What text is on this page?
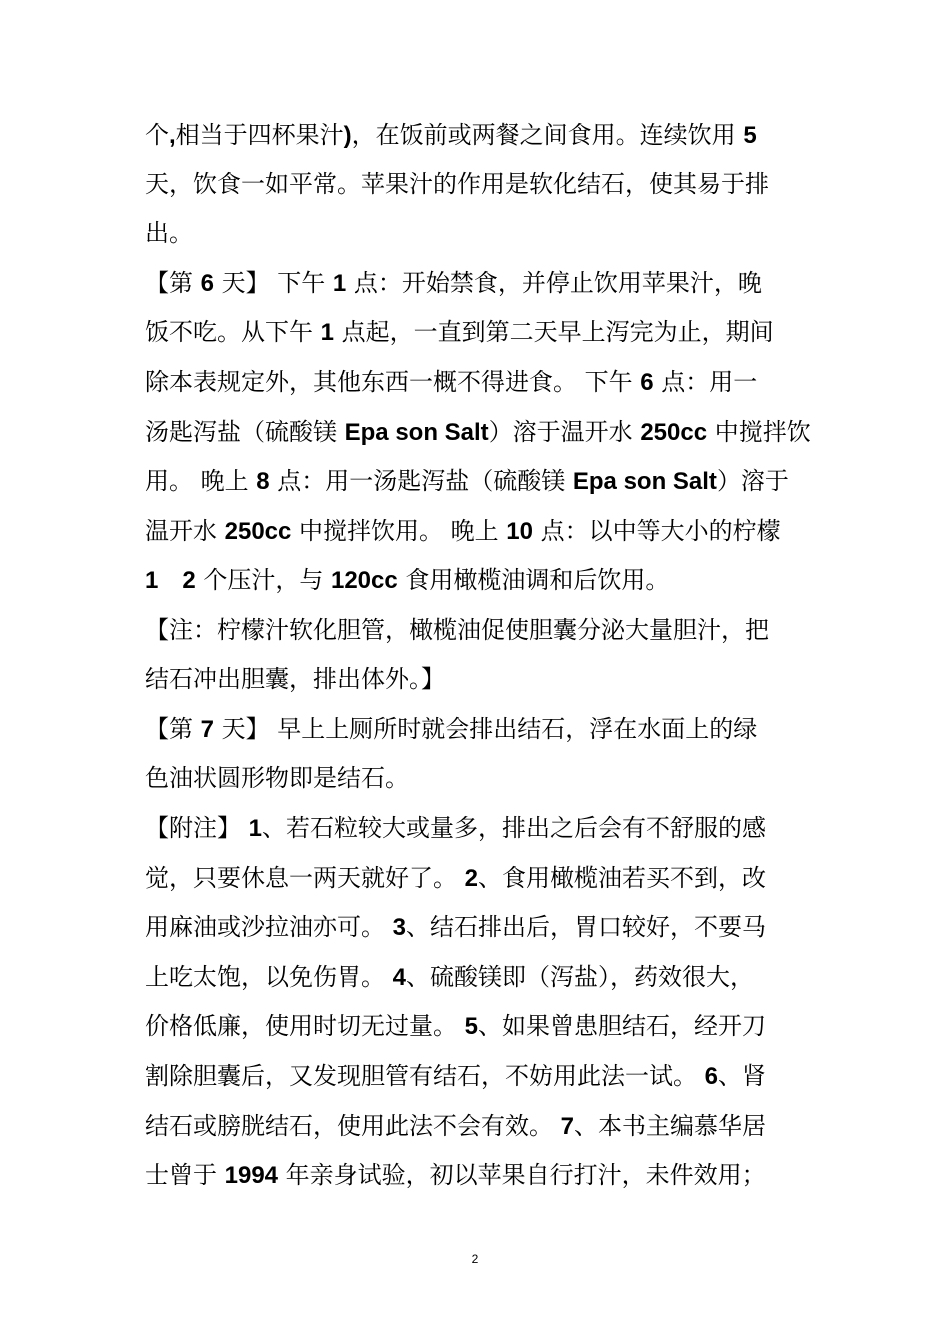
个,相当于四杯果汁)，在饭前或两餐之间食用。连续饮用 5
天，饮食一如平常。苹果汁的作用是软化结石，使其易于排
出。
【第 6 天】 下午 1 点：开始禁食，并停止饮用苹果汁，晚
饭不吃。从下午 1 点起，一直到第二天早上泻完为止，期间
除本表规定外，其他东西一概不得进食。 下午 6 点：用一
汤匙泻盐（硫酸镁 Epa son Salt）溶于温开水 250cc 中搅拌饮
用。 晚上 8 点：用一汤匙泻盐（硫酸镁 Epa son Salt）溶于
温开水 250cc 中搅拌饮用。 晚上 10 点：以中等大小的柠檬
1　2 个压汁，与 120cc 食用橄榄油调和后饮用。
【注：柠檬汁软化胆管，橄榄油促使胆囊分泌大量胆汁，把
结石冲出胆囊，排出体外。】
【第 7 天】 早上上厕所时就会排出结石，浮在水面上的绿
色油状圆形物即是结石。
【附注】 1、若石粒较大或量多，排出之后会有不舒服的感
觉，只要休息一两天就好了。 2、食用橄榄油若买不到，改
用麻油或沙拉油亦可。 3、结石排出后，胃口较好，不要马
上吃太饱，以免伤胃。 4、硫酸镁即（泻盐），药效很大，
价格低廉，使用时切无过量。 5、如果曾患胆结石，经开刀
割除胆囊后，又发现胆管有结石，不妨用此法一试。 6、肾
结石或膀胱结石，使用此法不会有效。 7、本书主编慕华居
士曾于 1994 年亲身试验，初以苹果自行打汁，未件效用；
2
